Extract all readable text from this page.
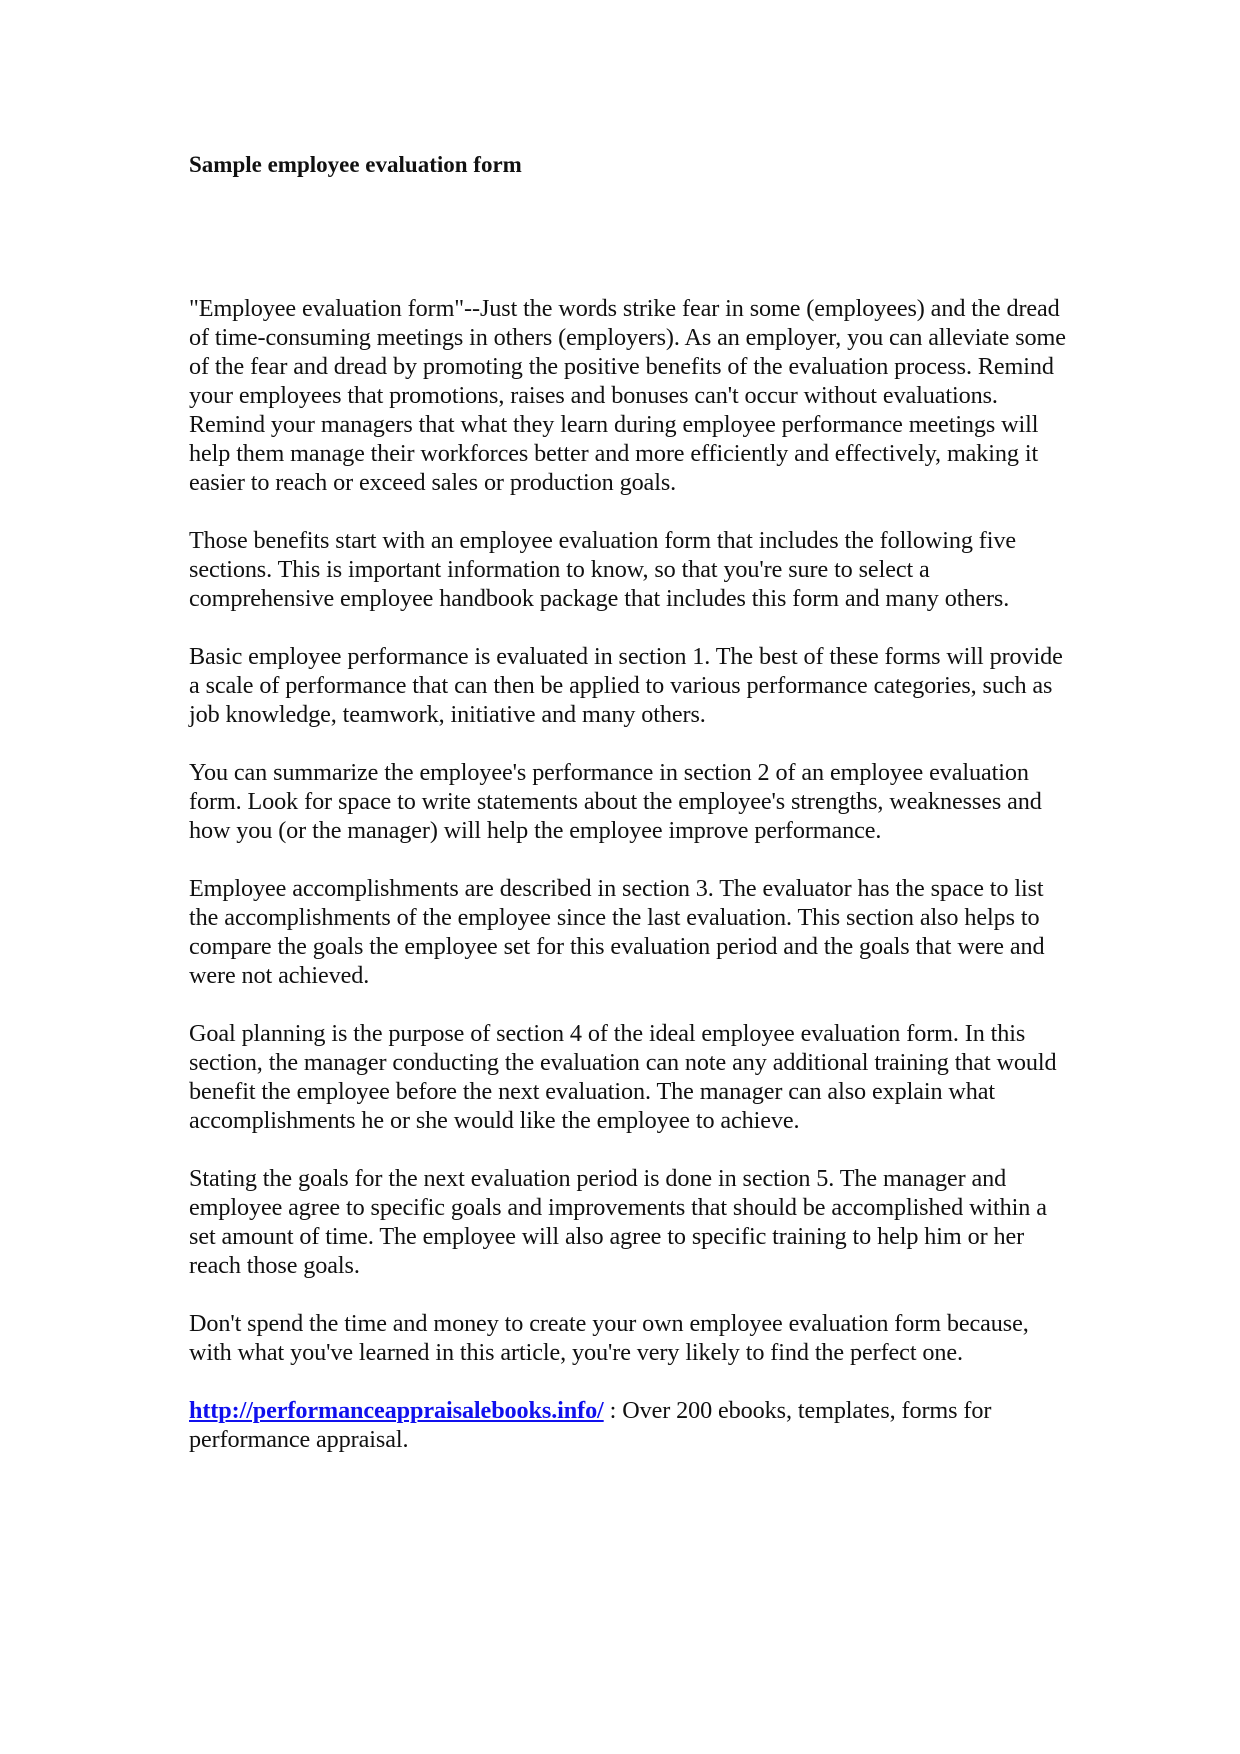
Sample employee evaluation form

"Employee evaluation form"--Just the words strike fear in some (employees) and the dread of time-consuming meetings in others (employers). As an employer, you can alleviate some of the fear and dread by promoting the positive benefits of the evaluation process. Remind your employees that promotions, raises and bonuses can't occur without evaluations. Remind your managers that what they learn during employee performance meetings will help them manage their workforces better and more efficiently and effectively, making it easier to reach or exceed sales or production goals.

Those benefits start with an employee evaluation form that includes the following five sections. This is important information to know, so that you're sure to select a comprehensive employee handbook package that includes this form and many others.

Basic employee performance is evaluated in section 1. The best of these forms will provide a scale of performance that can then be applied to various performance categories, such as job knowledge, teamwork, initiative and many others.

You can summarize the employee's performance in section 2 of an employee evaluation form. Look for space to write statements about the employee's strengths, weaknesses and how you (or the manager) will help the employee improve performance.

Employee accomplishments are described in section 3. The evaluator has the space to list the accomplishments of the employee since the last evaluation. This section also helps to compare the goals the employee set for this evaluation period and the goals that were and were not achieved.

Goal planning is the purpose of section 4 of the ideal employee evaluation form. In this section, the manager conducting the evaluation can note any additional training that would benefit the employee before the next evaluation. The manager can also explain what accomplishments he or she would like the employee to achieve.

Stating the goals for the next evaluation period is done in section 5. The manager and employee agree to specific goals and improvements that should be accomplished within a set amount of time. The employee will also agree to specific training to help him or her reach those goals.

Don't spend the time and money to create your own employee evaluation form because, with what you've learned in this article, you're very likely to find the perfect one.

http://performanceappraisalebooks.info/ : Over 200 ebooks, templates, forms for performance appraisal.
